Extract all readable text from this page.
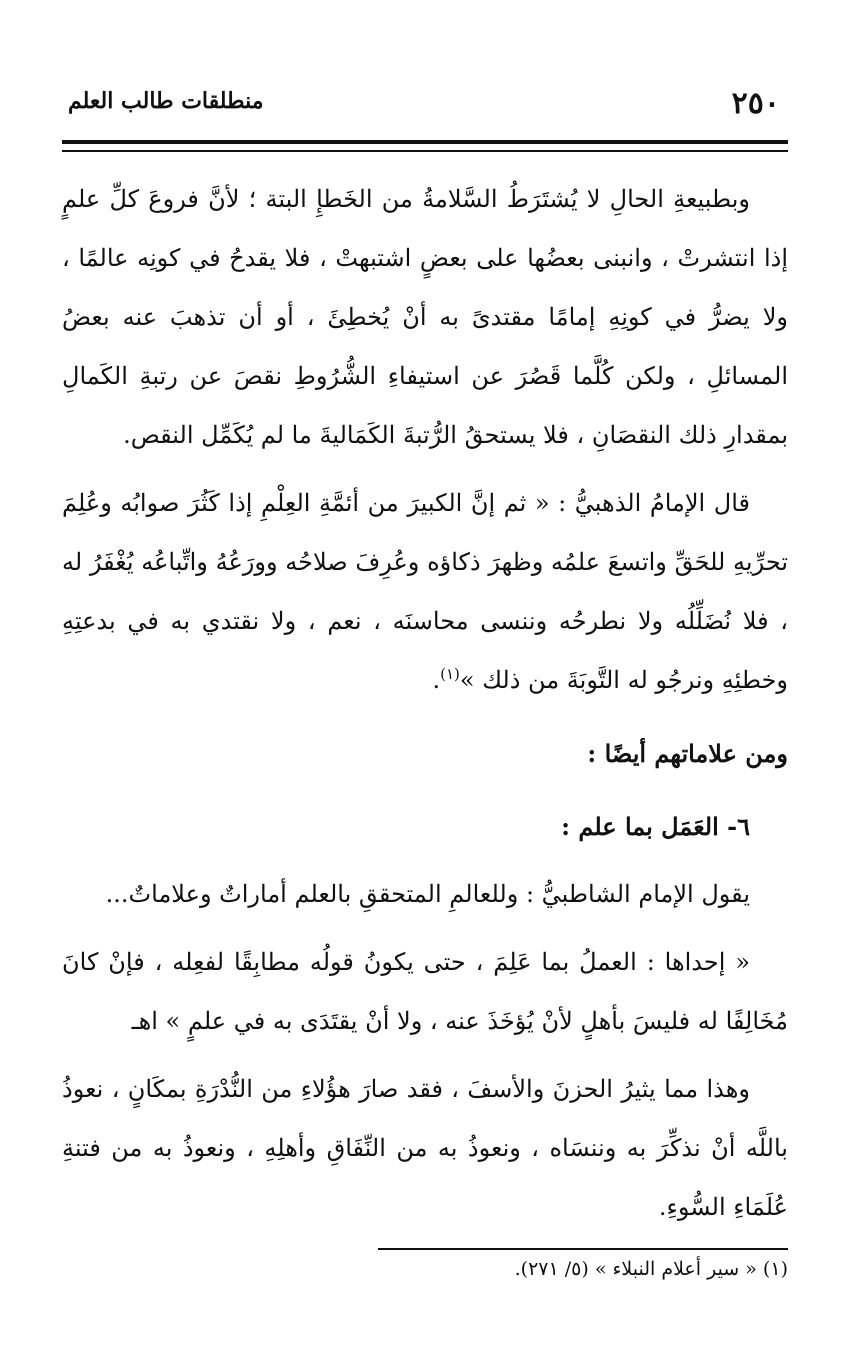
٢٥٠
منطلقات طالب العلم

وبطبيعةِ الحالِ لا يُشتَرَطُ السَّلامةُ من الخَطإِ البتة ؛ لأنَّ فروعَ كلِّ علمٍ إذا انتشرتْ ، وانبنى بعضُها على بعضٍ اشتبهتْ ، فلا يقدحُ في كونِه عالمًا ، ولا يضرُّ في كونِهِ إمامًا مقتدىً به أنْ يُخطِئَ ، أو أن تذهبَ عنه بعضُ المسائلِ ، ولكن كُلَّما قَصُرَ عن استيفاءِ الشُّرُوطِ نقصَ عن رتبةِ الكَمالِ بمقدارِ ذلك النقصَانِ ، فلا يستحقُ الرُّتبةَ الكَمَاليةَ ما لم يُكَمِّل النقص.

قال الإمامُ الذهبيُّ : « ثم إنَّ الكبيرَ من أئمَّةِ العِلْمِ إذا كَثُرَ صوابُه وعُلِمَ تحرِّيهِ للحَقِّ واتسعَ علمُه وظهرَ ذكاؤه وعُرِفَ صلاحُه وورَعُهُ واتِّباعُه يُغْفَرُ له ، فلا نُضَلِّلُه ولا نطرحُه وننسى محاسنَه ، نعم ، ولا نقتدي به في بدعتِهِ وخطئِهِ ونرجُو له التَّوبَةَ من ذلك »$^{(١)}$.

ومن علاماتهم أيضًا :

٦- العَمَل بما علم :

يقول الإمام الشاطبيُّ : وللعالمِ المتحققِ بالعلم أماراتٌ وعلاماتٌ...

« إحداها : العملُ بما عَلِمَ ، حتى يكونُ قولُه مطابِقًا لفعِله ، فإنْ كانَ مُخَالِفًا له فليسَ بأهلٍ لأنْ يُؤخَذَ عنه ، ولا أنْ يقتَدَى به في علمٍ » اهـ

وهذا مما يثيرُ الحزنَ والأسفَ ، فقد صارَ هؤُلاءِ من النُّدْرَةِ بمكَانٍ ، نعوذُ باللَّه أنْ نذكِّرَ به وننسَاه ، ونعوذُ به من النِّفَاقِ وأهلِهِ ، ونعوذُ به من فتنةِ عُلَمَاءِ السُّوءِ.

(١) « سير أعلام النبلاء » (٥/ ٢٧١).
